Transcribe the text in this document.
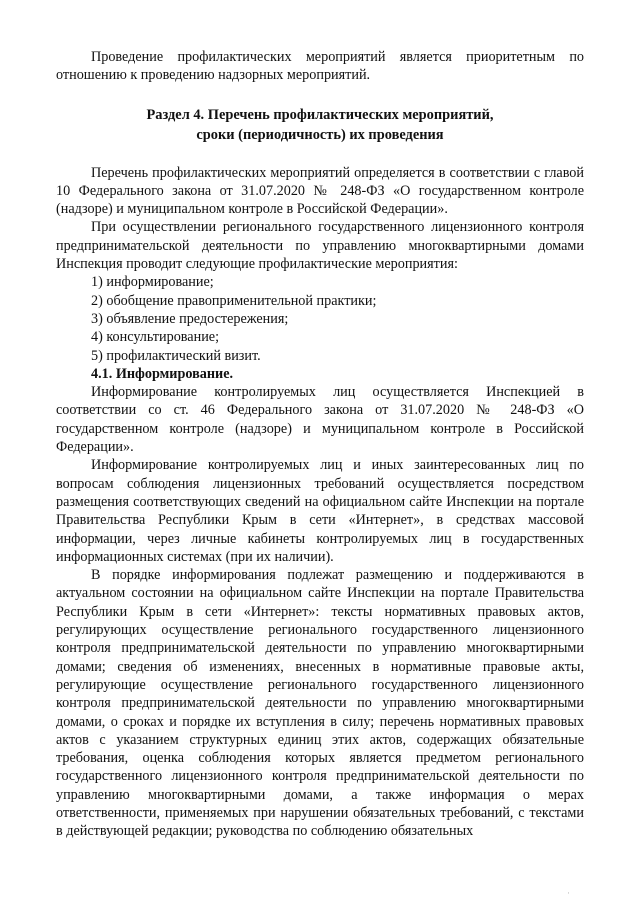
Проведение профилактических мероприятий является приоритетным по отношению к проведению надзорных мероприятий.

Раздел 4. Перечень профилактических мероприятий,
сроки (периодичность) их проведения

Перечень профилактических мероприятий определяется в соответствии с главой 10 Федерального закона от 31.07.2020 № 248-ФЗ «О государственном контроле (надзоре) и муниципальном контроле в Российской Федерации».

При осуществлении регионального государственного лицензионного контроля предпринимательской деятельности по управлению многоквартирными домами Инспекция проводит следующие профилактические мероприятия:

1) информирование;
2) обобщение правоприменительной практики;
3) объявление предостережения;
4) консультирование;
5) профилактический визит.

4.1. Информирование.

Информирование контролируемых лиц осуществляется Инспекцией в соответствии со ст. 46 Федерального закона от 31.07.2020 № 248-ФЗ «О государственном контроле (надзоре) и муниципальном контроле в Российской Федерации».

Информирование контролируемых лиц и иных заинтересованных лиц по вопросам соблюдения лицензионных требований осуществляется посредством размещения соответствующих сведений на официальном сайте Инспекции на портале Правительства Республики Крым в сети «Интернет», в средствах массовой информации, через личные кабинеты контролируемых лиц в государственных информационных системах (при их наличии).

В порядке информирования подлежат размещению и поддерживаются в актуальном состоянии на официальном сайте Инспекции на портале Правительства Республики Крым в сети «Интернет»: тексты нормативных правовых актов, регулирующих осуществление регионального государственного лицензионного контроля предпринимательской деятельности по управлению многоквартирными домами; сведения об изменениях, внесенных в нормативные правовые акты, регулирующие осуществление регионального государственного лицензионного контроля предпринимательской деятельности по управлению многоквартирными домами, о сроках и порядке их вступления в силу; перечень нормативных правовых актов с указанием структурных единиц этих актов, содержащих обязательные требования, оценка соблюдения которых является предметом регионального государственного лицензионного контроля предпринимательской деятельности по управлению многоквартирными домами, а также информация о мерах ответственности, применяемых при нарушении обязательных требований, с текстами в действующей редакции; руководства по соблюдению обязательных

·
